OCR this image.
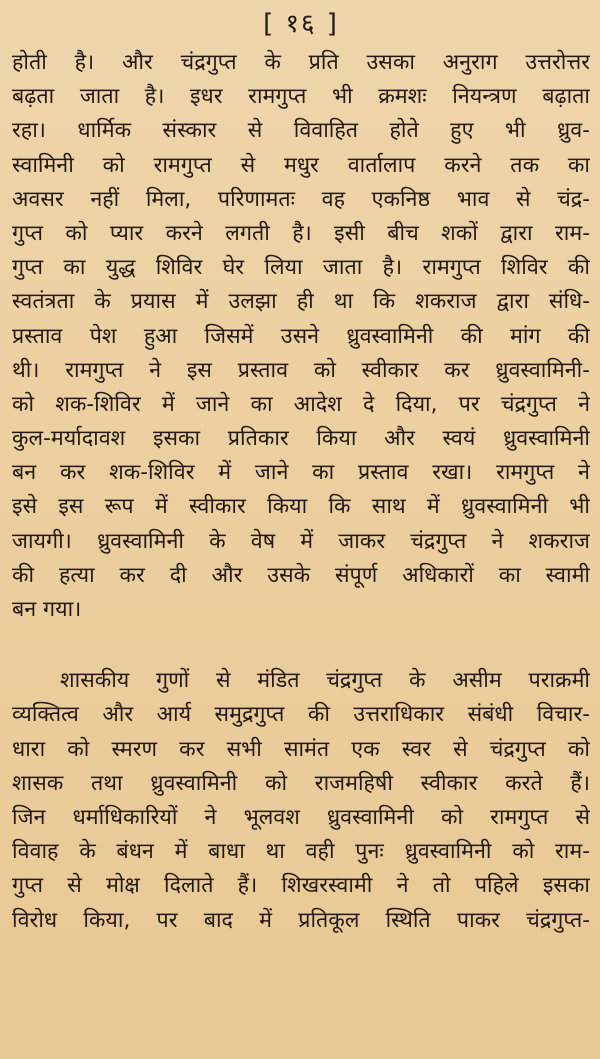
[ १६ ]
होती है। और चंद्रगुप्त के प्रति उसका अनुराग उत्तरोत्तर
बढ़ता जाता है। इधर रामगुप्त भी क्रमशः नियन्त्रण बढ़ाता
रहा। धार्मिक संस्कार से विवाहित होते हुए भी ध्रुव-
स्वामिनी को रामगुप्त से मधुर वार्तालाप करने तक का
अवसर नहीं मिला, परिणामतः वह एकनिष्ठ भाव से चंद्र-
गुप्त को प्यार करने लगती है। इसी बीच शकों द्वारा राम-
गुप्त का युद्ध शिविर घेर लिया जाता है। रामगुप्त शिविर की
स्वतंत्रता के प्रयास में उलझा ही था कि शकराज द्वारा संधि-
प्रस्ताव पेश हुआ जिसमें उसने ध्रुवस्वामिनी की मांग की
थी। रामगुप्त ने इस प्रस्ताव को स्वीकार कर ध्रुवस्वामिनी-
को शक-शिविर में जाने का आदेश दे दिया, पर चंद्रगुप्त ने
कुल-मर्यादावश इसका प्रतिकार किया और स्वयं ध्रुवस्वामिनी
बन कर शक-शिविर में जाने का प्रस्ताव रखा। रामगुप्त ने
इसे इस रूप में स्वीकार किया कि साथ में ध्रुवस्वामिनी भी
जायगी। ध्रुवस्वामिनी के वेष में जाकर चंद्रगुप्त ने शकराज
की हत्या कर दी और उसके संपूर्ण अधिकारों का स्वामी
बन गया।
शासकीय गुणों से मंडित चंद्रगुप्त के असीम पराक्रमी
व्यक्तित्व और आर्य समुद्रगुप्त की उत्तराधिकार संबंधी विचार-
धारा को स्मरण कर सभी सामंत एक स्वर से चंद्रगुप्त को
शासक तथा ध्रुवस्वामिनी को राजमहिषी स्वीकार करते हैं।
जिन धर्माधिकारियों ने भूलवश ध्रुवस्वामिनी को रामगुप्त से
विवाह के बंधन में बाधा था वही पुनः ध्रुवस्वामिनी को राम-
गुप्त से मोक्ष दिलाते हैं। शिखरस्वामी ने तो पहिले इसका
विरोध किया, पर बाद में प्रतिकूल स्थिति पाकर चंद्रगुप्त-
